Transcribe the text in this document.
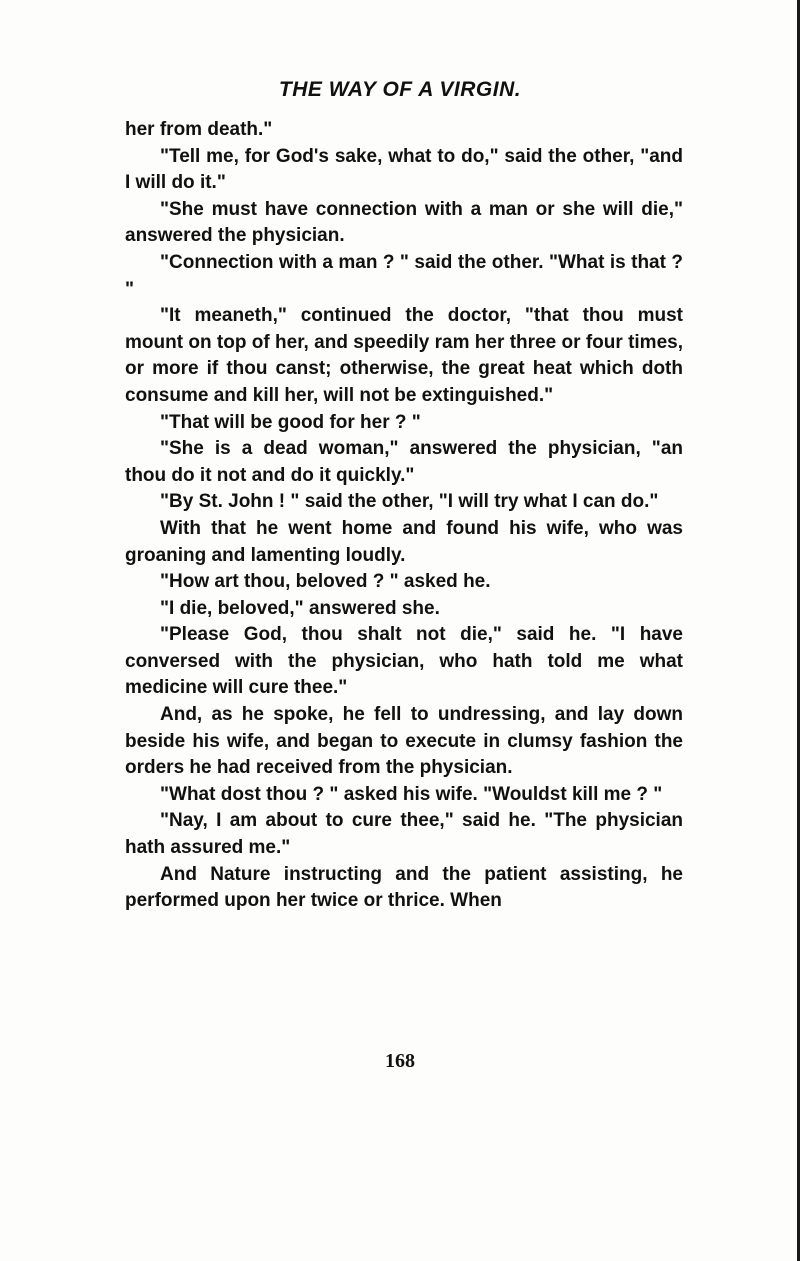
THE WAY OF A VIRGIN.

her from death."

"Tell me, for God's sake, what to do," said the other, "and I will do it."

"She must have connection with a man or she will die," answered the physician.

"Connection with a man ? " said the other. "What is that ? "

"It meaneth," continued the doctor, "that thou must mount on top of her, and speedily ram her three or four times, or more if thou canst; otherwise, the great heat which doth consume and kill her, will not be extinguished."

"That will be good for her ? "

"She is a dead woman," answered the physician, "an thou do it not and do it quickly."

"By St. John ! " said the other, "I will try what I can do."

With that he went home and found his wife, who was groaning and lamenting loudly.

"How art thou, beloved ? " asked he.

"I die, beloved," answered she.

"Please God, thou shalt not die," said he. "I have conversed with the physician, who hath told me what medicine will cure thee."

And, as he spoke, he fell to undressing, and lay down beside his wife, and began to execute in clumsy fashion the orders he had received from the physician.

"What dost thou ? " asked his wife. "Wouldst kill me ? "

"Nay, I am about to cure thee," said he. "The physician hath assured me."

And Nature instructing and the patient assisting, he performed upon her twice or thrice. When

168
